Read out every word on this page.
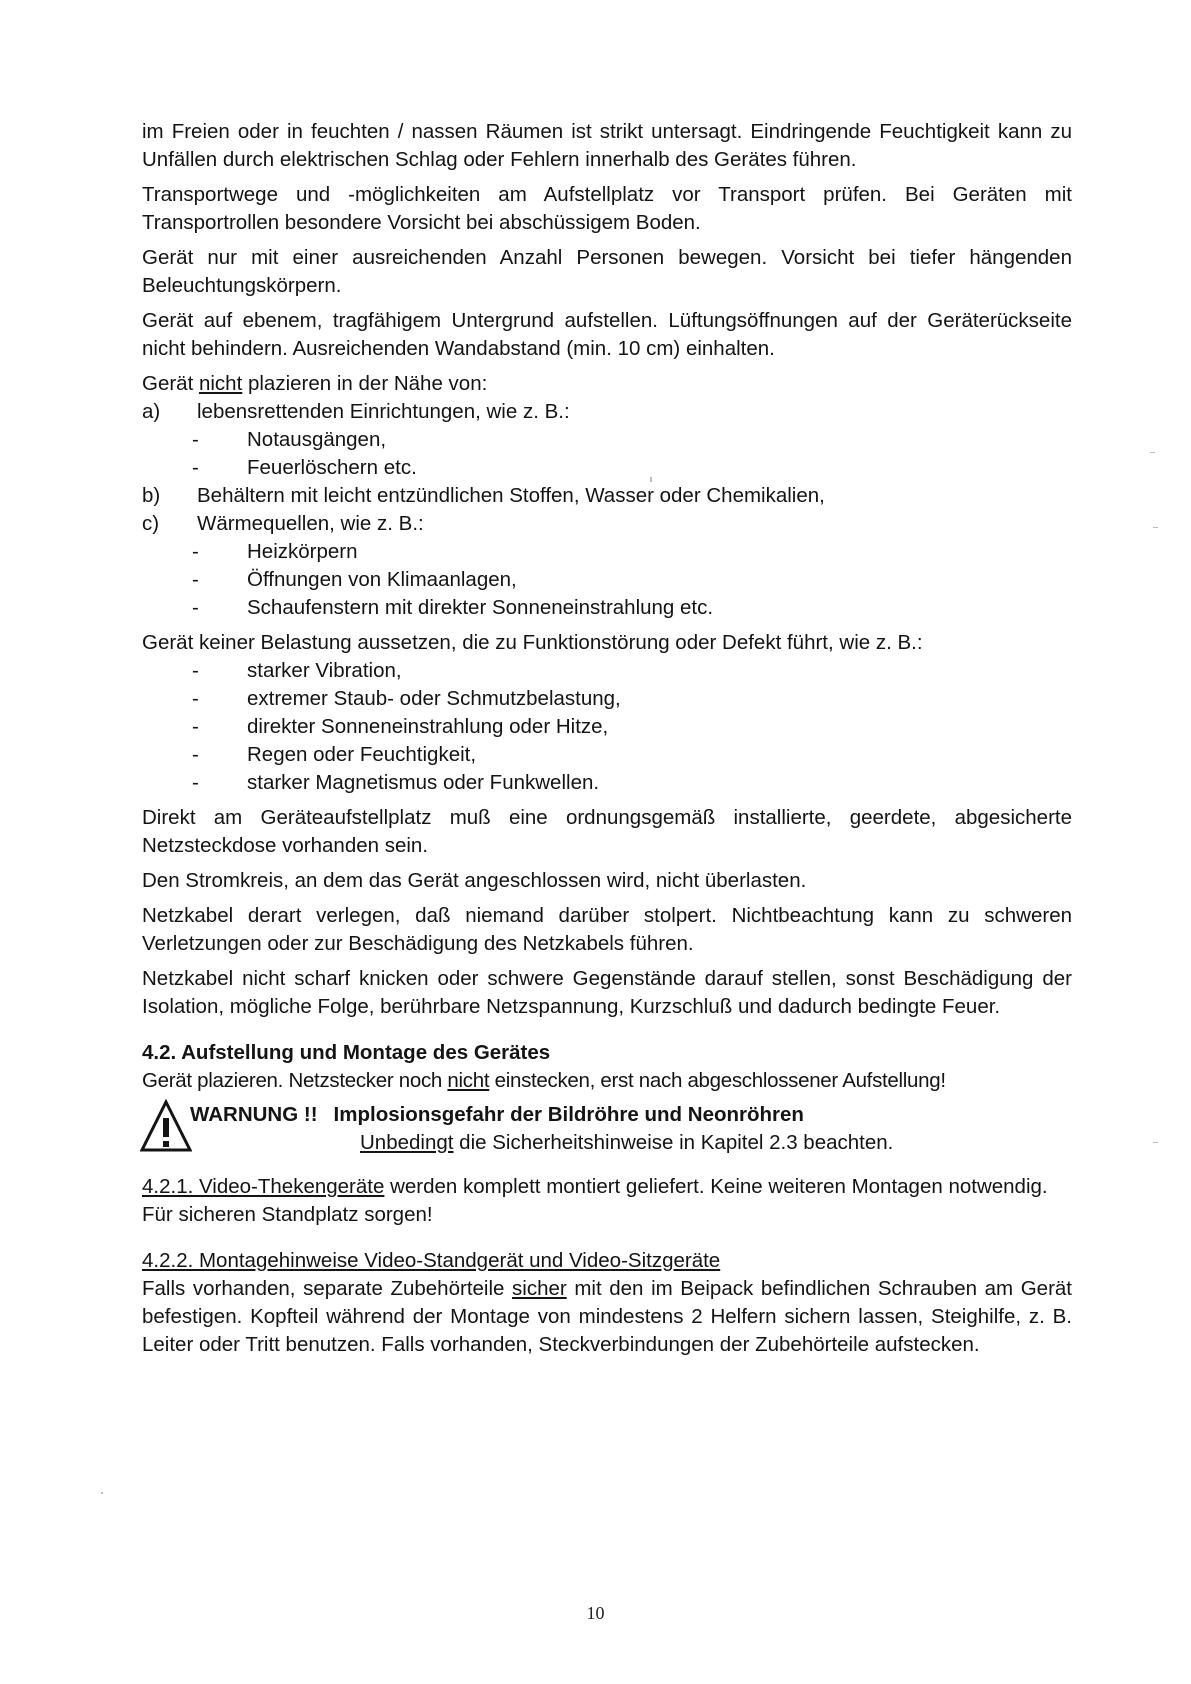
im Freien oder in feuchten / nassen Räumen ist strikt untersagt. Eindringende Feuchtigkeit kann zu Unfällen durch elektrischen Schlag oder Fehlern innerhalb des Gerätes führen.

Transportwege und -möglichkeiten am Aufstellplatz vor Transport prüfen. Bei Geräten mit Transportrollen besondere Vorsicht bei abschüssigem Boden.

Gerät nur mit einer ausreichenden Anzahl Personen bewegen. Vorsicht bei tiefer hängenden Beleuchtungskörpern.

Gerät auf ebenem, tragfähigem Untergrund aufstellen. Lüftungsöffnungen auf der Geräterückseite nicht behindern. Ausreichenden Wandabstand (min. 10 cm) einhalten.

Gerät nicht plazieren in der Nähe von:

a)	lebensrettenden Einrichtungen, wie z. B.:
-	Notausgängen,
-	Feuerlöschern etc.
b)	Behältern mit leicht entzündlichen Stoffen, Wasser oder Chemikalien,
c)	Wärmequellen, wie z. B.:
-	Heizkörpern
-	Öffnungen von Klimaanlagen,
-	Schaufenstern mit direkter Sonneneinstrahlung etc.

Gerät keiner Belastung aussetzen, die zu Funktionstörung oder Defekt führt, wie z. B.:

-	starker Vibration,
-	extremer Staub- oder Schmutzbelastung,
-	direkter Sonneneinstrahlung oder Hitze,
-	Regen oder Feuchtigkeit,
-	starker Magnetismus oder Funkwellen.

Direkt am Geräteaufstellplatz muß eine ordnungsgemäß installierte, geerdete, abgesicherte Netzsteckdose vorhanden sein.

Den Stromkreis, an dem das Gerät angeschlossen wird, nicht überlasten.

Netzkabel derart verlegen, daß niemand darüber stolpert. Nichtbeachtung kann zu schweren Verletzungen oder zur Beschädigung des Netzkabels führen.

Netzkabel nicht scharf knicken oder schwere Gegenstände darauf stellen, sonst Beschädigung der Isolation, mögliche Folge, berührbare Netzspannung, Kurzschluß und dadurch bedingte Feuer.

4.2. Aufstellung und Montage des Gerätes

Gerät plazieren. Netzstecker noch nicht einstecken, erst nach abgeschlossener Aufstellung!

WARNUNG !! Implosionsgefahr der Bildröhre und Neonröhren
Unbedingt die Sicherheitshinweise in Kapitel 2.3 beachten.

4.2.1. Video-Thekengeräte werden komplett montiert geliefert. Keine weiteren Montagen notwendig. Für sicheren Standplatz sorgen!

4.2.2. Montagehinweise Video-Standgerät und Video-Sitzgeräte

Falls vorhanden, separate Zubehörteile sicher mit den im Beipack befindlichen Schrauben am Gerät befestigen. Kopfteil während der Montage von mindestens 2 Helfern sichern lassen, Steighilfe, z. B. Leiter oder Tritt benutzen. Falls vorhanden, Steckverbindungen der Zubehörteile aufstecken.

10
